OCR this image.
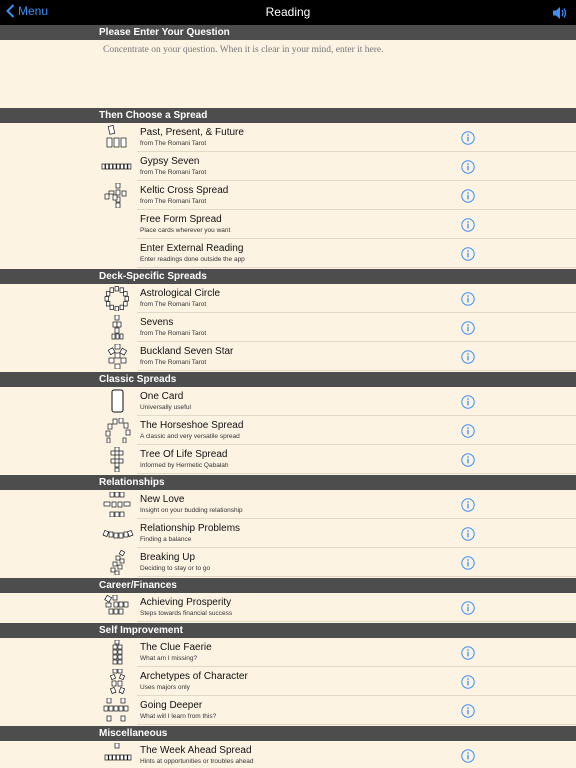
Menu	Reading
Please Enter Your Question
Concentrate on your question. When it is clear in your mind, enter it here.
Then Choose a Spread
Past, Present, & Future
from The Romani Tarot
Gypsy Seven
from The Romani Tarot
Keltic Cross Spread
from The Romani Tarot
Free Form Spread
Place cards wherever you want
Enter External Reading
Enter readings done outside the app
Deck-Specific Spreads
Astrological Circle
from The Romani Tarot
Sevens
from The Romani Tarot
Buckland Seven Star
from The Romani Tarot
Classic Spreads
One Card
Universally useful
The Horseshoe Spread
A classic and very versatile spread
Tree Of Life Spread
Informed by Hermetic Qabalah
Relationships
New Love
Insight on your budding relationship
Relationship Problems
Finding a balance
Breaking Up
Deciding to stay or to go
Career/Finances
Achieving Prosperity
Steps towards financial success
Self Improvement
The Clue Faerie
What am I missing?
Archetypes of Character
Uses majors only
Going Deeper
What will I learn from this?
Miscellaneous
The Week Ahead Spread
Hints at opportunities or troubles ahead
